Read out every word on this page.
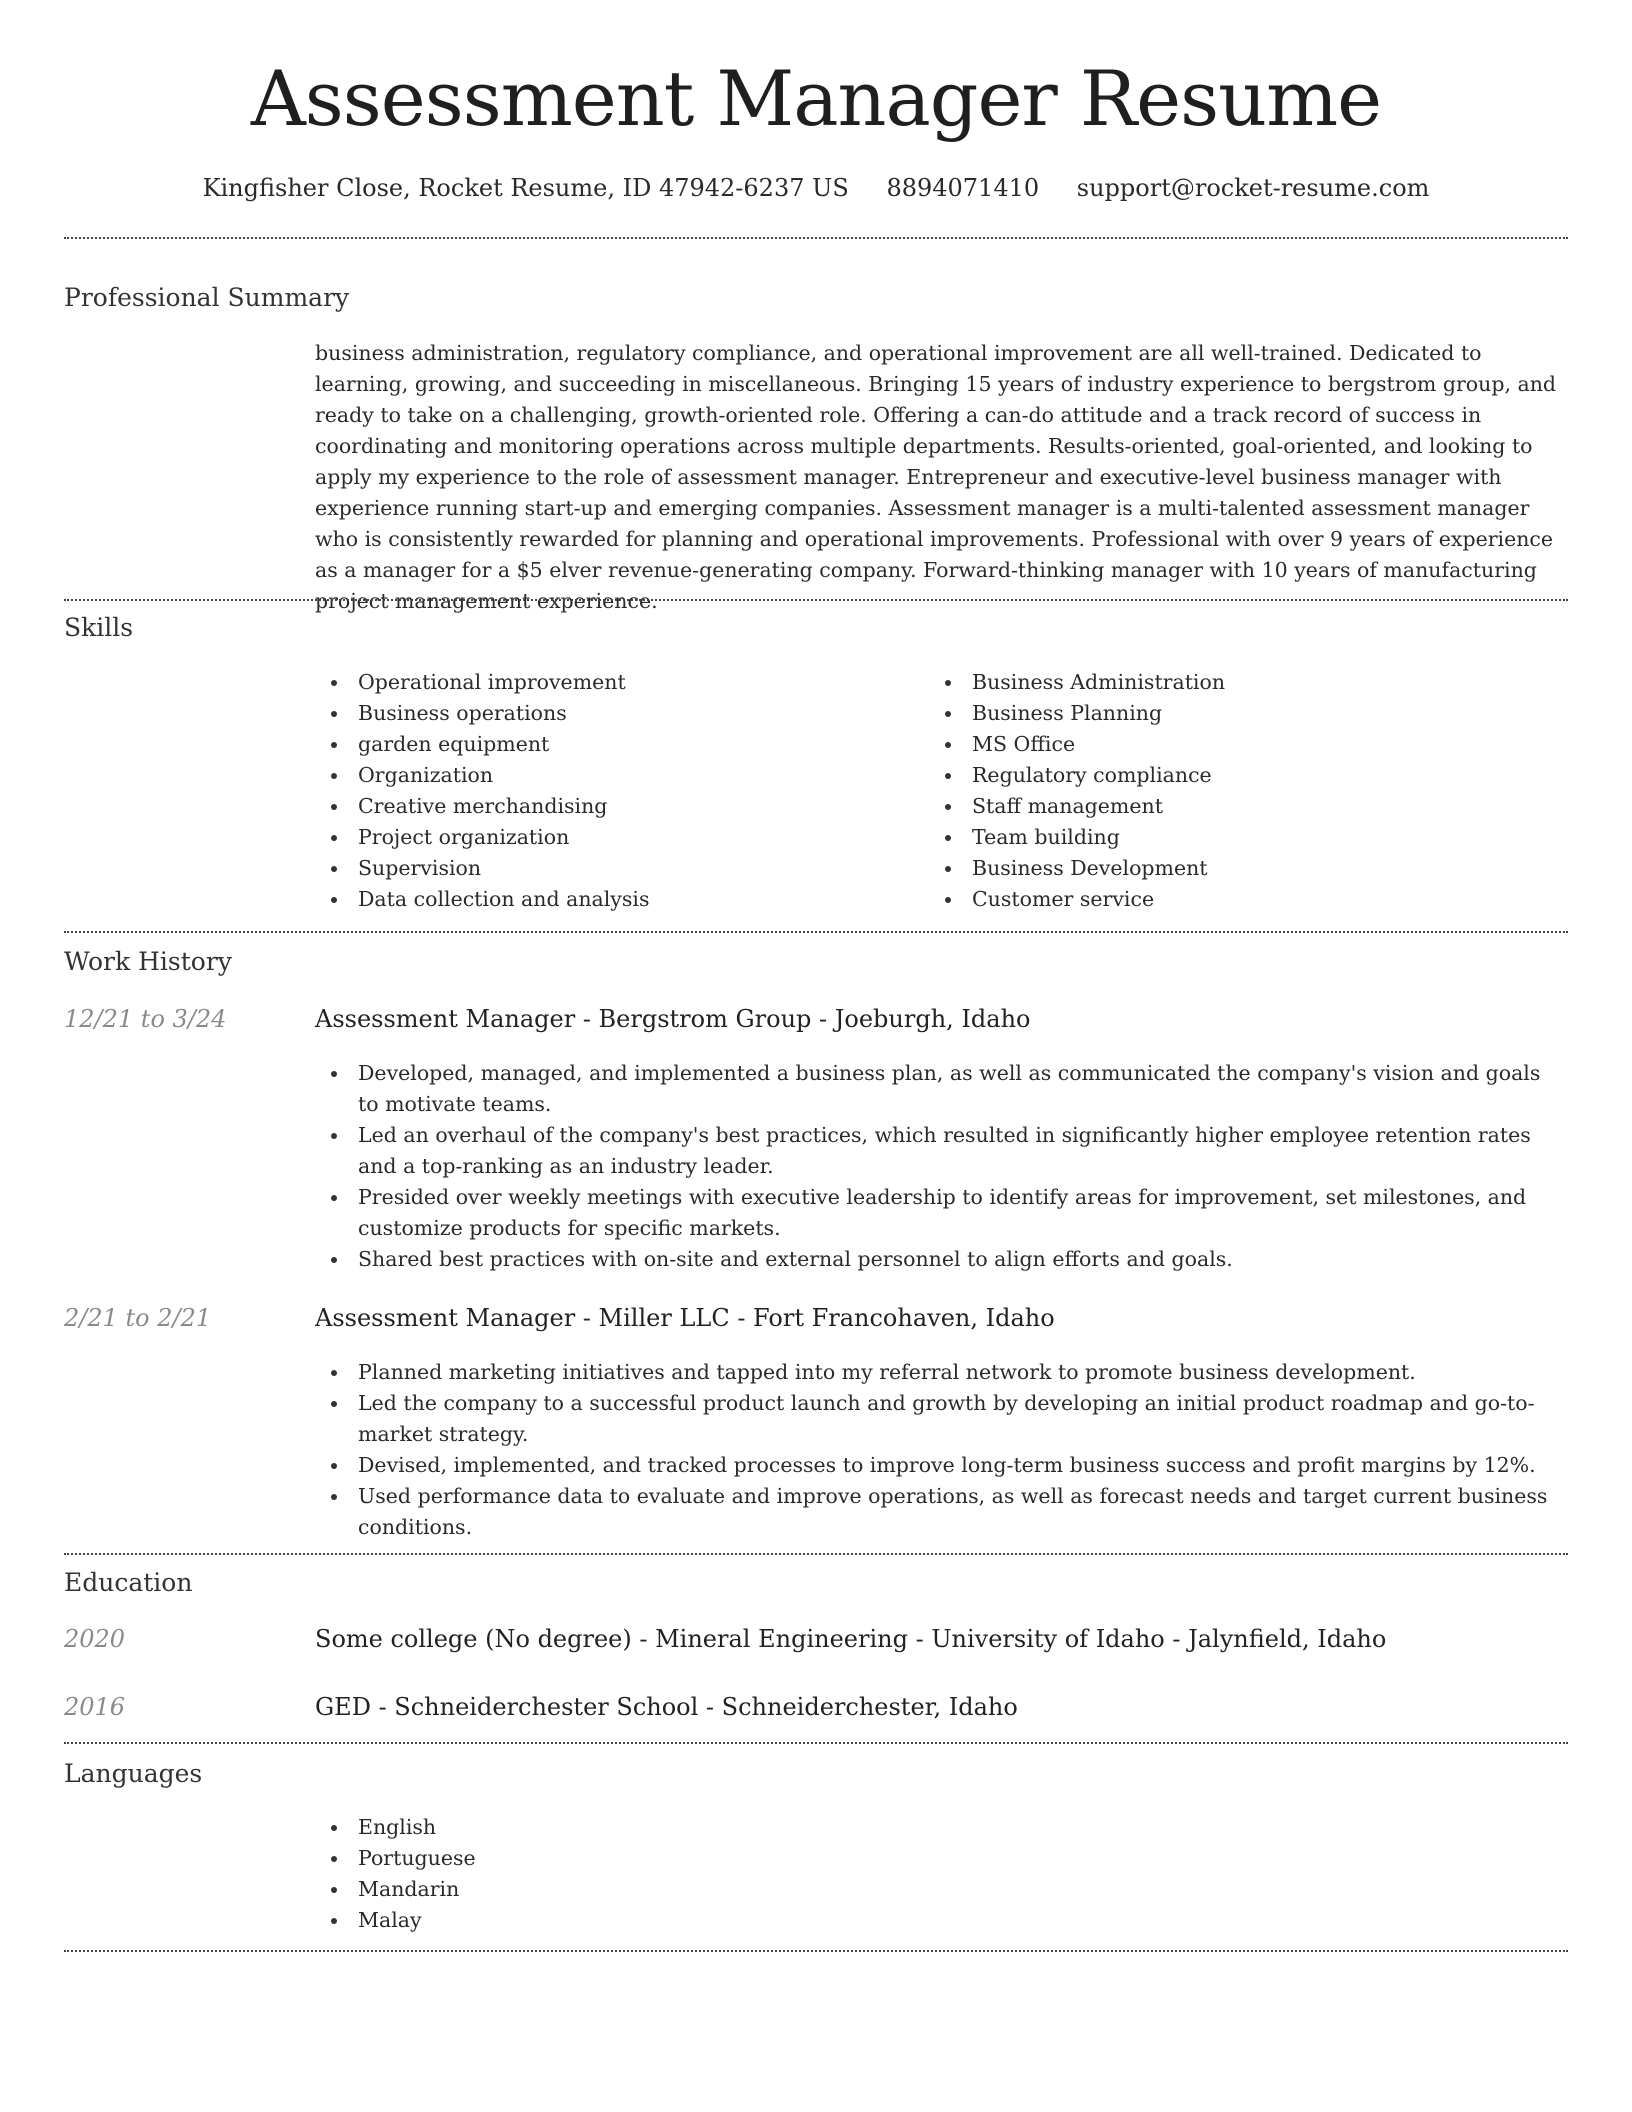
Assessment Manager Resume
Kingfisher Close, Rocket Resume, ID 47942-6237 US 8894071410 support@rocket-resume.com
Professional Summary

business administration, regulatory compliance, and operational improvement are all well-trained. Dedicated to learning, growing, and succeeding in miscellaneous. Bringing 15 years of industry experience to bergstrom group, and ready to take on a challenging, growth-oriented role. Offering a can-do attitude and a track record of success in coordinating and monitoring operations across multiple departments. Results-oriented, goal-oriented, and looking to apply my experience to the role of assessment manager. Entrepreneur and executive-level business manager with experience running start-up and emerging companies. Assessment manager is a multi-talented assessment manager who is consistently rewarded for planning and operational improvements. Professional with over 9 years of experience as a manager for a $5 elver revenue-generating company. Forward-thinking manager with 10 years of manufacturing project management experience.

Skills
Operational improvement
Business operations
garden equipment
Organization
Creative merchandising
Project organization
Supervision
Data collection and analysis
Business Administration
Business Planning
MS Office
Regulatory compliance
Staff management
Team building
Business Development
Customer service
Work History
12/21 to 3/24	Assessment Manager - Bergstrom Group - Joeburgh, Idaho
Developed, managed, and implemented a business plan, as well as communicated the company's vision and goals to motivate teams.
Led an overhaul of the company's best practices, which resulted in significantly higher employee retention rates and a top-ranking as an industry leader.
Presided over weekly meetings with executive leadership to identify areas for improvement, set milestones, and customize products for specific markets.
Shared best practices with on-site and external personnel to align efforts and goals.
2/21 to 2/21	Assessment Manager - Miller LLC - Fort Francohaven, Idaho
Planned marketing initiatives and tapped into my referral network to promote business development.
Led the company to a successful product launch and growth by developing an initial product roadmap and go-to-market strategy.
Devised, implemented, and tracked processes to improve long-term business success and profit margins by 12%.
Used performance data to evaluate and improve operations, as well as forecast needs and target current business conditions.
Education
2020	Some college (No degree) - Mineral Engineering - University of Idaho - Jalynfield, Idaho
2016	GED - Schneiderchester School - Schneiderchester, Idaho
Languages
English
Portuguese
Mandarin
Malay
